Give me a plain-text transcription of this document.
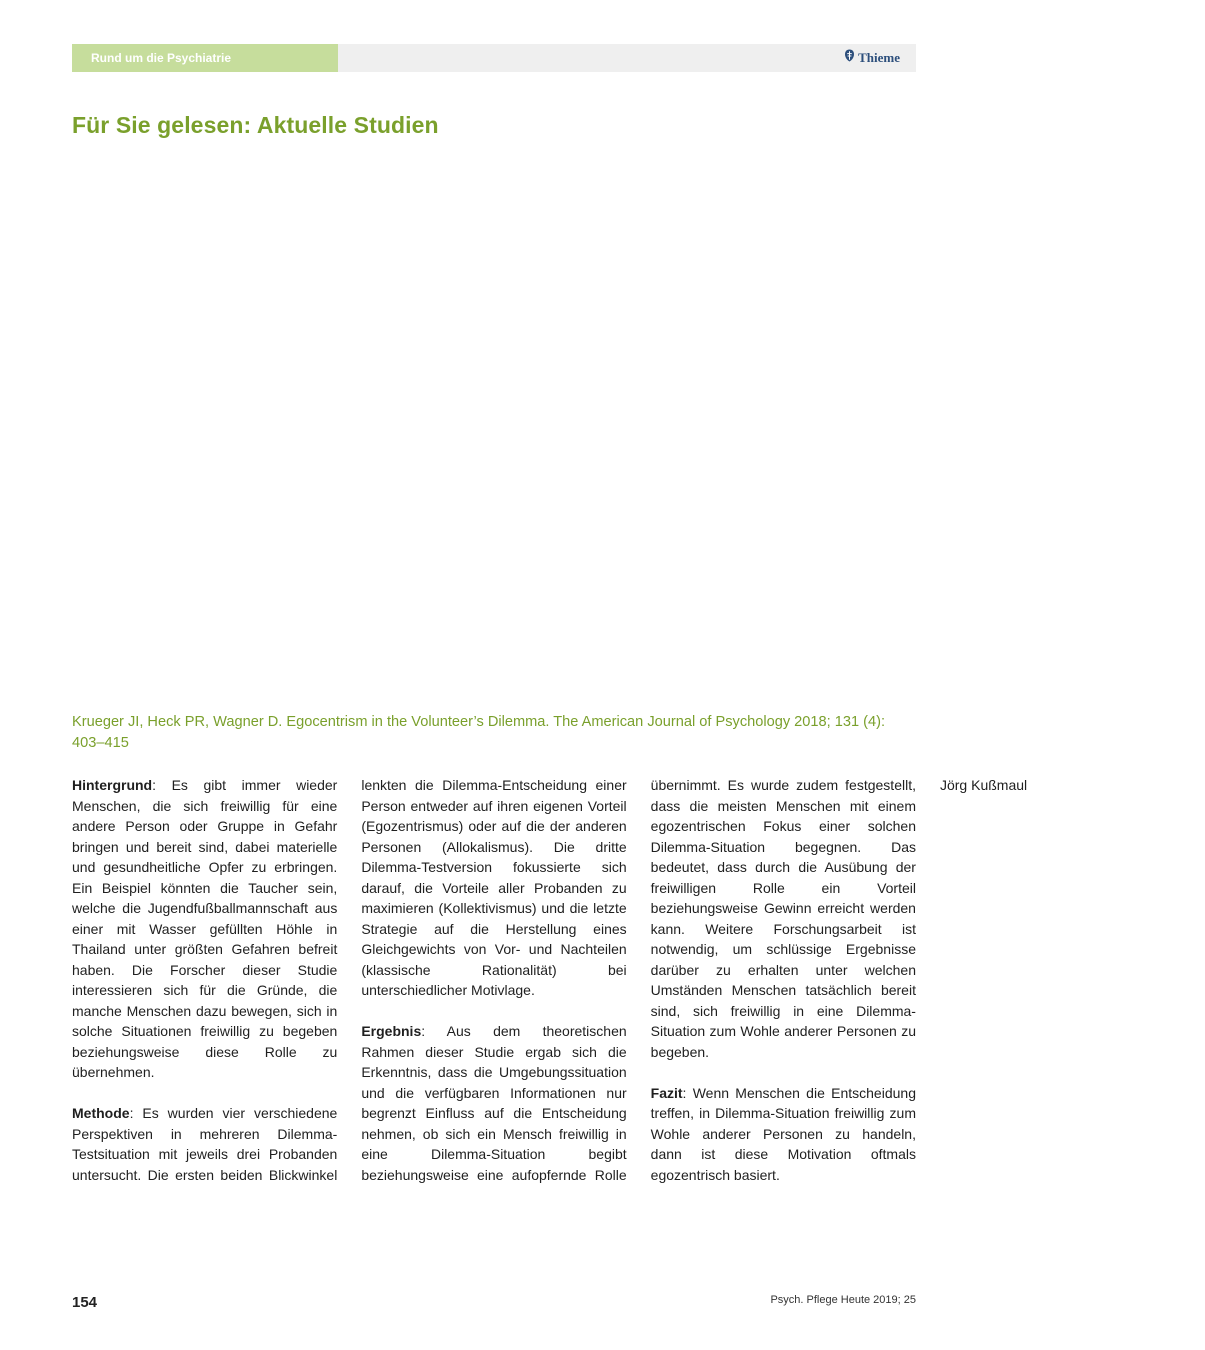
Rund um die Psychiatrie	Thieme
Für Sie gelesen: Aktuelle Studien
Krueger JI, Heck PR, Wagner D. Egocentrism in the Volunteer’s Dilemma. The American Journal of Psychology 2018; 131 (4): 403–415

Hintergrund: Es gibt immer wieder Menschen, die sich freiwillig für eine andere Person oder Gruppe in Gefahr bringen und bereit sind, dabei materielle und gesundheitliche Opfer zu erbringen. Ein Beispiel könnten die Taucher sein, welche die Jugendfußballmannschaft aus einer mit Wasser gefüllten Höhle in Thailand unter größten Gefahren befreit haben. Die Forscher dieser Studie interessieren sich für die Gründe, die manche Menschen dazu bewegen, sich in solche Situationen freiwillig zu begeben beziehungsweise diese Rolle zu übernehmen.

Methode: Es wurden vier verschiedene Perspektiven in mehreren Dilemma-Testsituation mit jeweils drei Probanden untersucht. Die ersten beiden Blickwinkel lenkten die Dilemma-Entscheidung einer Person entweder auf ihren eigenen Vorteil (Egozentrismus) oder auf die der anderen Personen (Allokalismus). Die dritte Dilemma-Testversion fokussierte sich darauf, die Vorteile aller Probanden zu maximieren (Kollektivismus) und die letzte Strategie auf die Herstellung eines Gleichgewichts von Vor- und Nachteilen (klassische Rationalität) bei unterschiedlicher Motivlage.

Ergebnis: Aus dem theoretischen Rahmen dieser Studie ergab sich die Erkenntnis, dass die Umgebungssituation und die verfügbaren Informationen nur begrenzt Einfluss auf die Entscheidung nehmen, ob sich ein Mensch freiwillig in eine Dilemma-Situation begibt beziehungsweise eine aufopfernde Rolle übernimmt. Es wurde zudem festgestellt, dass die meisten Menschen mit einem egozentrischen Fokus einer solchen Dilemma-Situation begegnen. Das bedeutet, dass durch die Ausübung der freiwilligen Rolle ein Vorteil beziehungsweise Gewinn erreicht werden kann. Weitere Forschungsarbeit ist notwendig, um schlüssige Ergebnisse darüber zu erhalten unter welchen Umständen Menschen tatsächlich bereit sind, sich freiwillig in eine Dilemma-Situation zum Wohle anderer Personen zu begeben.

Fazit: Wenn Menschen die Entscheidung treffen, in Dilemma-Situation freiwillig zum Wohle anderer Personen zu handeln, dann ist diese Motivation oftmals egozentrisch basiert.

Jörg Kußmaul

154	Psych. Pflege Heute 2019; 25
